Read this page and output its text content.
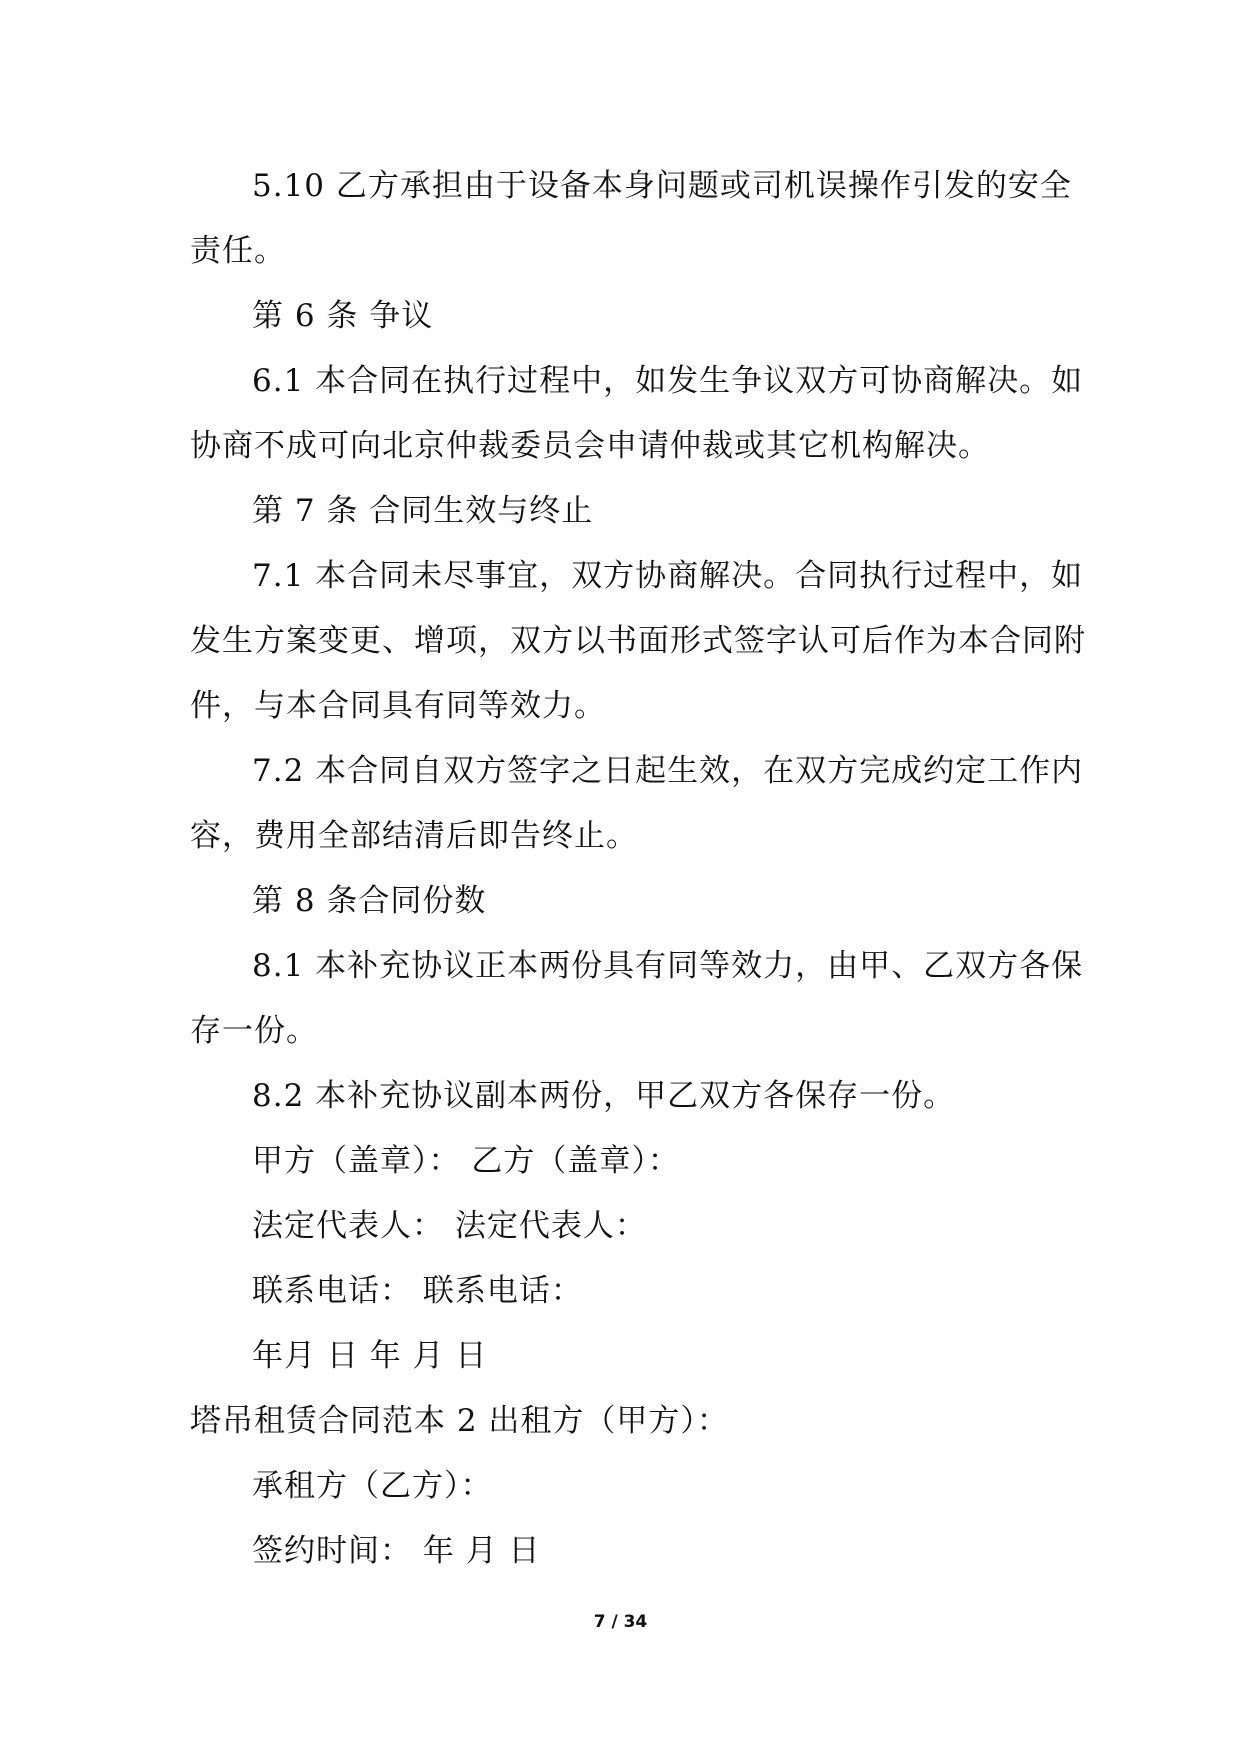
5.10 乙方承担由于设备本身问题或司机误操作引发的安全
责任。
第 6 条 争议
6.1 本合同在执行过程中，如发生争议双方可协商解决。如
协商不成可向北京仲裁委员会申请仲裁或其它机构解决。
第 7 条 合同生效与终止
7.1 本合同未尽事宜，双方协商解决。合同执行过程中，如
发生方案变更、增项，双方以书面形式签字认可后作为本合同附
件，与本合同具有同等效力。
7.2 本合同自双方签字之日起生效，在双方完成约定工作内
容，费用全部结清后即告终止。
第 8 条合同份数
8.1 本补充协议正本两份具有同等效力，由甲、乙双方各保
存一份。
8.2 本补充协议副本两份，甲乙双方各保存一份。
甲方（盖章）： 乙方（盖章）：
法定代表人： 法定代表人：
联系电话： 联系电话：
年月 日 年 月 日
塔吊租赁合同范本 2 出租方（甲方）：
承租方（乙方）：
签约时间： 年 月 日
7 / 34
